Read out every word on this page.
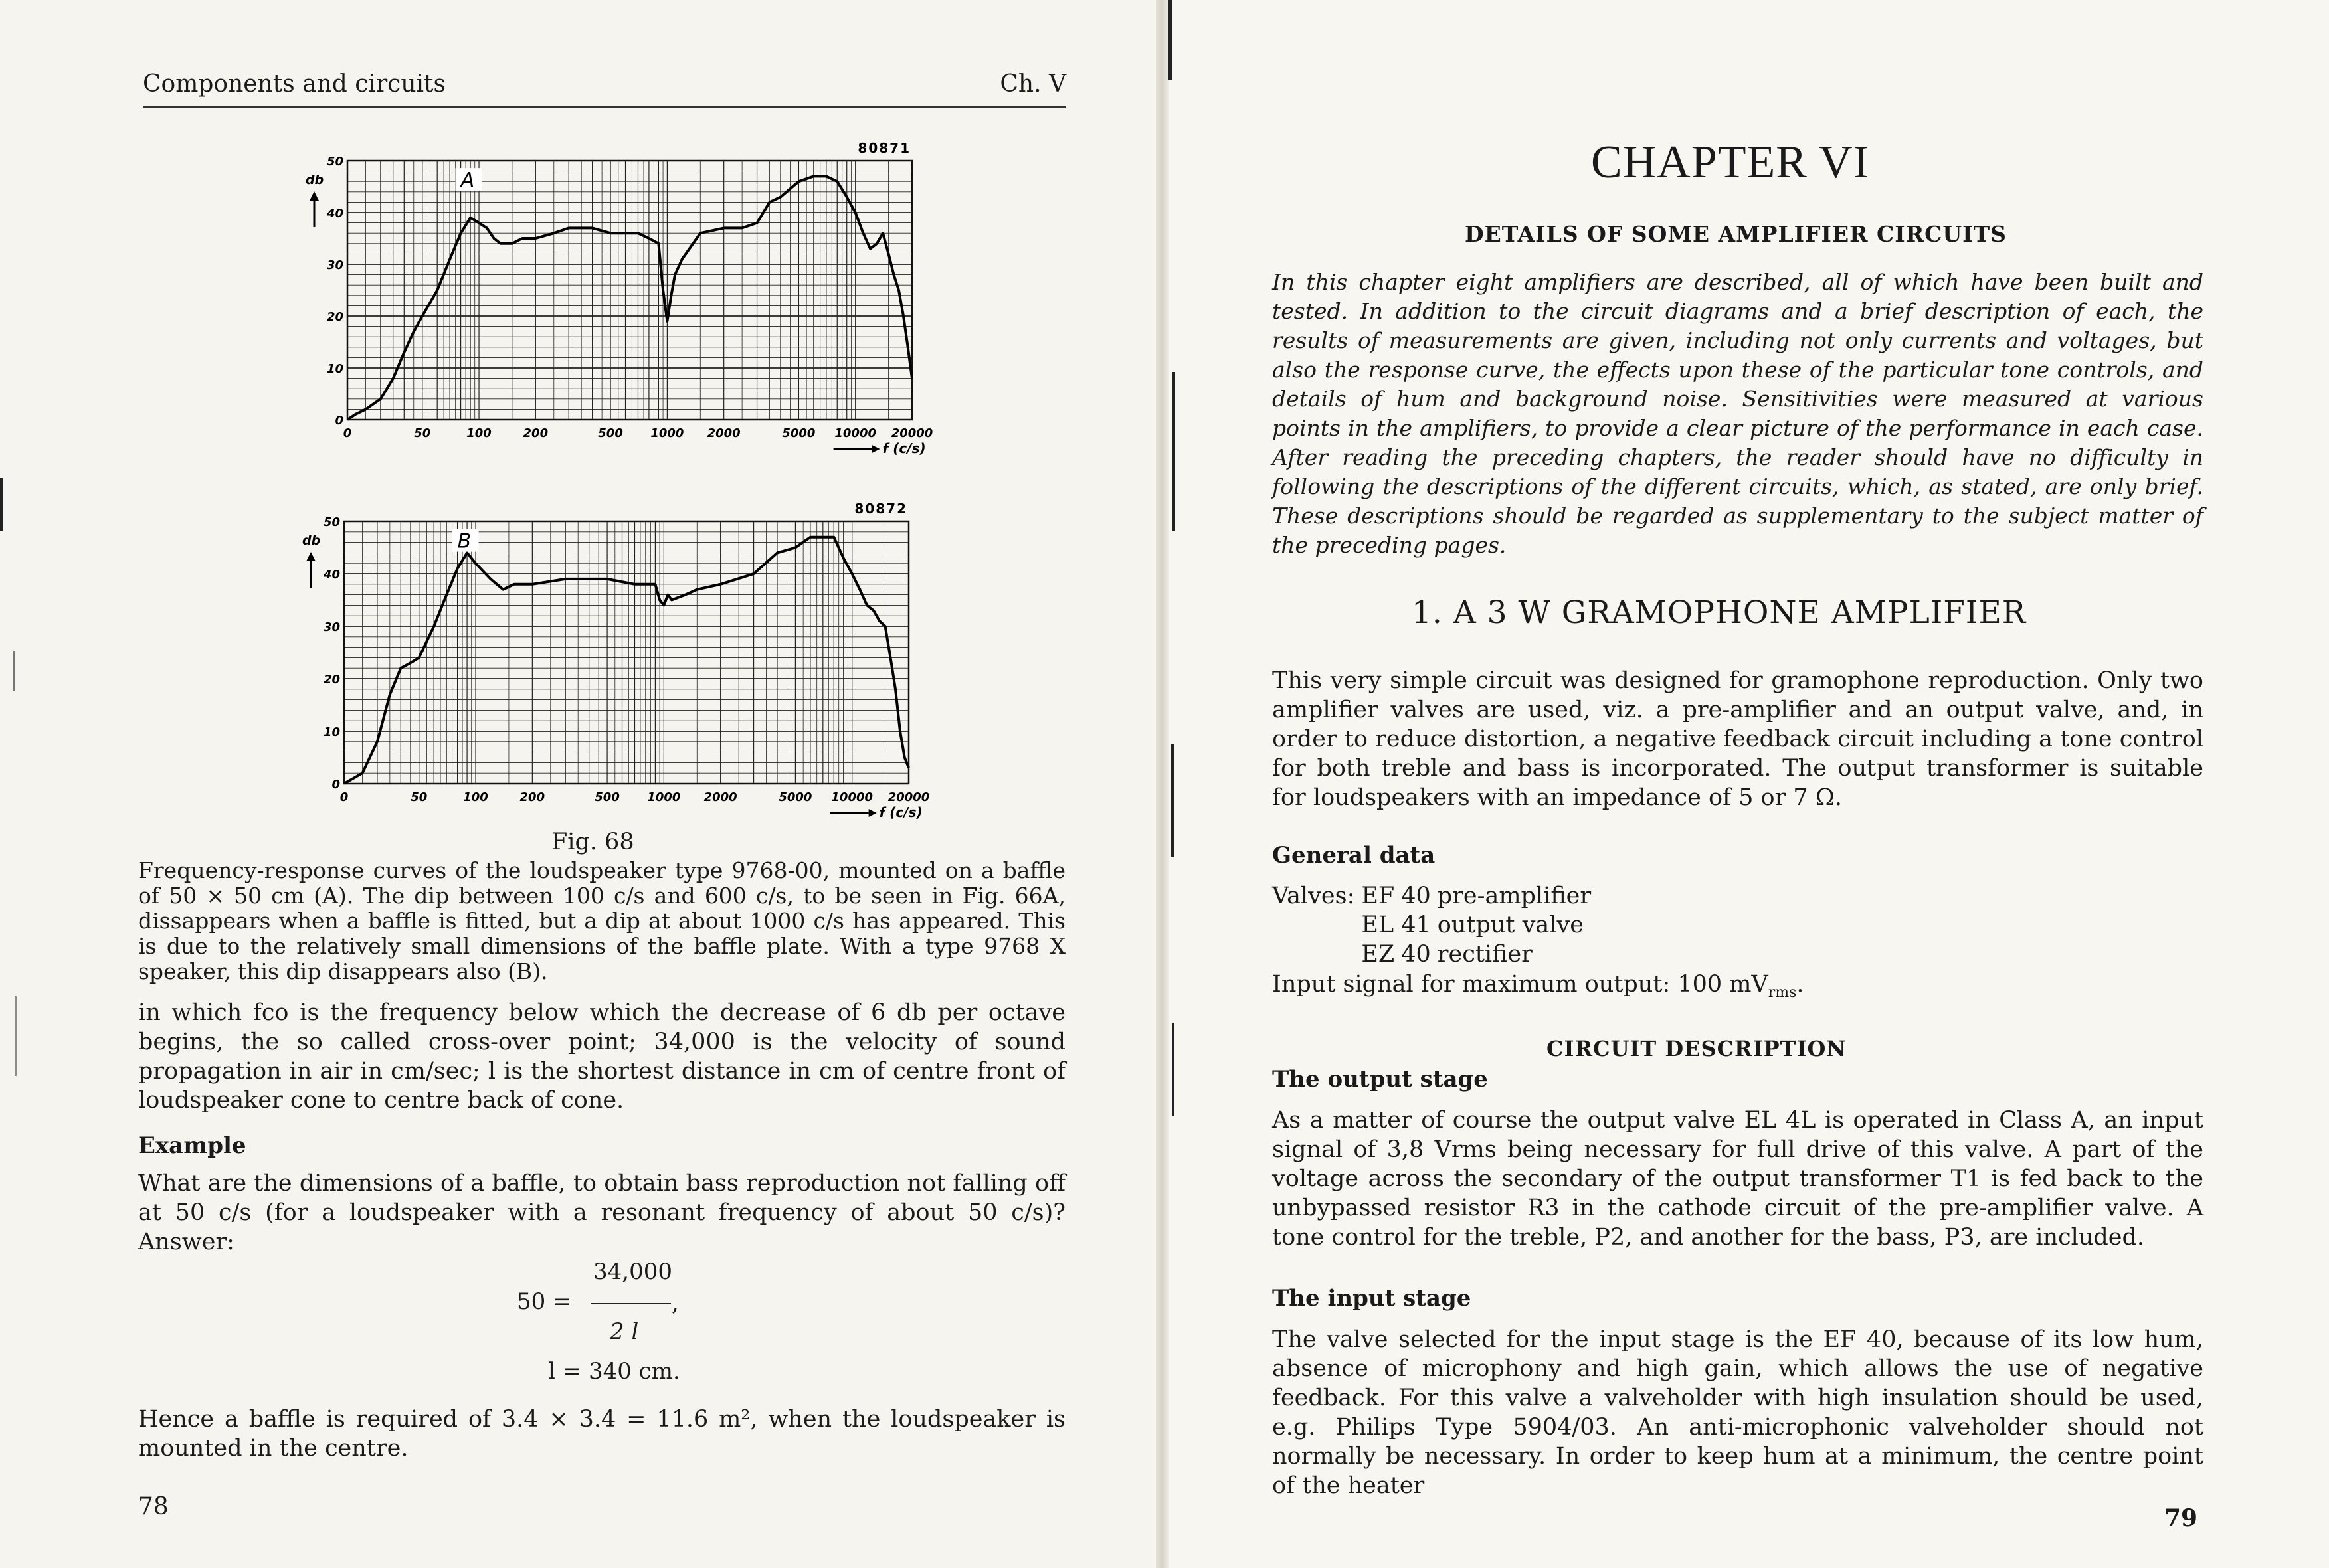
Components and circuits	Ch. V
0
10
20
30
40
50
0	50	100	200	500 1000 2000	5000 10000 20000
f (c/s)
db	A
80871
0
10
20
30
40
50
0	50	100	200	500 1000 2000	5000 10000 20000
f (c/s)
db	B
80872
Fig. 68
Frequency-response curves of the loudspeaker type 9768-00, mounted on a baffle of 50 × 50 cm (A). The dip between 100 c/s and 600 c/s, to be seen in Fig. 66A, dissappears when a baffle is fitted, but a dip at about 1000 c/s has appeared. This is due to the relatively small dimensions of the baffle plate. With a type 9768 X speaker, this dip disappears also (B).
in which fco is the frequency below which the decrease of 6 db per octave begins, the so called cross-over point; 34,000 is the velocity of sound propagation in air in cm/sec; l is the shortest distance in cm of centre front of loudspeaker cone to centre back of cone.
Example
What are the dimensions of a baffle, to obtain bass reproduction not falling off at 50 c/s (for a loudspeaker with a resonant frequency of about 50 c/s)? Answer:
50 =
34,000
,
2 l
l = 340 cm.
Hence a baffle is required of 3.4 × 3.4 = 11.6 m², when the loudspeaker is mounted in the centre.
78
CHAPTER VI
DETAILS OF SOME AMPLIFIER CIRCUITS
In this chapter eight amplifiers are described, all of which have been built and tested. In addition to the circuit diagrams and a brief description of each, the results of measurements are given, including not only currents and voltages, but also the response curve, the effects upon these of the particular tone controls, and details of hum and background noise. Sensitivities were measured at various points in the amplifiers, to provide a clear picture of the performance in each case. After reading the preceding chapters, the reader should have no difficulty in following the descriptions of the different circuits, which, as stated, are only brief. These descriptions should be regarded as supplementary to the subject matter of the preceding pages.
1. A 3 W GRAMOPHONE AMPLIFIER
This very simple circuit was designed for gramophone reproduction. Only two amplifier valves are used, viz. a pre-amplifier and an output valve, and, in order to reduce distortion, a negative feedback circuit including a tone control for both treble and bass is incorporated. The output transformer is suitable for loudspeakers with an impedance of 5 or 7 Ω.
General data
Valves:	EF	40	pre-amplifier
	EL	41	output valve
	EZ	40	rectifier
Input signal for maximum output: 100 $mV_{rms}$.
CIRCUIT DESCRIPTION
The output stage
As a matter of course the output valve EL 4L is operated in Class A, an input signal of 3,8 Vrms being necessary for full drive of this valve. A part of the voltage across the secondary of the output transformer T1 is fed back to the unbypassed resistor R3 in the cathode circuit of the pre-amplifier valve. A tone control for the treble, P2, and another for the bass, P3, are included.
The input stage
The valve selected for the input stage is the EF 40, because of its low hum, absence of microphony and high gain, which allows the use of negative feedback. For this valve a valveholder with high insulation should be used, e.g. Philips Type 5904/03. An anti-microphonic valveholder should not normally be necessary. In order to keep hum at a minimum, the centre point of the heater
79
